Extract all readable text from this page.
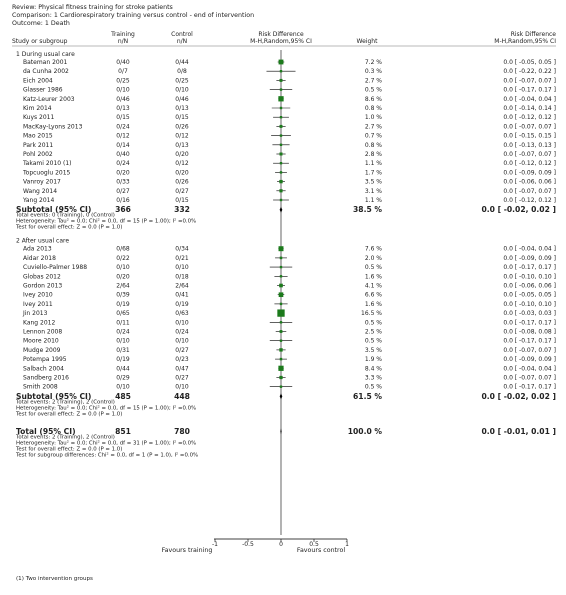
Review: Physical fitness training for stroke patients
Comparison: 1 Cardiorespiratory training versus control - end of intervention
Outcome: 1 Death
Study or subgroup
Training
n/N
Control
n/N
Risk Difference
M-H,Random,95% CI	Weight
Risk Difference
M-H,Random,95% CI
1 During usual care
Bateman 2001	0/40	0/44	7.2 %	0.0 [ -0.05, 0.05 ]
da Cunha 2002	0/7	0/8	0.3 %	0.0 [ -0.22, 0.22 ]
Eich 2004	0/25	0/25	2.7 %	0.0 [ -0.07, 0.07 ]
Glasser 1986	0/10	0/10	0.5 %	0.0 [ -0.17, 0.17 ]
Katz-Leurer 2003	0/46	0/46	8.6 %	0.0 [ -0.04, 0.04 ]
Kim 2014	0/13	0/13	0.8 %	0.0 [ -0.14, 0.14 ]
Kuys 2011	0/15	0/15	1.0 %	0.0 [ -0.12, 0.12 ]
MacKay-Lyons 2013	0/24	0/26	2.7 %	0.0 [ -0.07, 0.07 ]
Mao 2015	0/12	0/12	0.7 %	0.0 [ -0.15, 0.15 ]
Park 2011	0/14	0/13	0.8 %	0.0 [ -0.13, 0.13 ]
Pohl 2002	0/40	0/20	2.8 %	0.0 [ -0.07, 0.07 ]
Takami 2010 (1)	0/24	0/12	1.1 %	0.0 [ -0.12, 0.12 ]
Topcuoglu 2015	0/20	0/20	1.7 %	0.0 [ -0.09, 0.09 ]
Vanroy 2017	0/33	0/26	3.5 %	0.0 [ -0.06, 0.06 ]
Wang 2014	0/27	0/27	3.1 %	0.0 [ -0.07, 0.07 ]
Yang 2014	0/16	0/15	1.1 %	0.0 [ -0.12, 0.12 ]
Subtotal (95% CI)	366	332	38.5 %	0.0 [ -0.02, 0.02 ]
Total events: 0 (Training), 0 (Control)
Heterogeneity: Tau² = 0.0; Chi² = 0.0, df = 15 (P = 1.00); I² =0.0%
Test for overall effect: Z = 0.0 (P = 1.0)
2 After usual care
Ada 2013	0/68	0/34	7.6 %	0.0 [ -0.04, 0.04 ]
Aidar 2018	0/22	0/21	2.0 %	0.0 [ -0.09, 0.09 ]
Cuviello-Palmer 1988	0/10	0/10	0.5 %	0.0 [ -0.17, 0.17 ]
Globas 2012	0/20	0/18	1.6 %	0.0 [ -0.10, 0.10 ]
Gordon 2013	2/64	2/64	4.1 %	0.0 [ -0.06, 0.06 ]
Ivey 2010	0/39	0/41	6.6 %	0.0 [ -0.05, 0.05 ]
Ivey 2011	0/19	0/19	1.6 %	0.0 [ -0.10, 0.10 ]
Jin 2013	0/65	0/63	16.5 %	0.0 [ -0.03, 0.03 ]
Kang 2012	0/11	0/10	0.5 %	0.0 [ -0.17, 0.17 ]
Lennon 2008	0/24	0/24	2.5 %	0.0 [ -0.08, 0.08 ]
Moore 2010	0/10	0/10	0.5 %	0.0 [ -0.17, 0.17 ]
Mudge 2009	0/31	0/27	3.5 %	0.0 [ -0.07, 0.07 ]
Potempa 1995	0/19	0/23	1.9 %	0.0 [ -0.09, 0.09 ]
Salbach 2004	0/44	0/47	8.4 %	0.0 [ -0.04, 0.04 ]
Sandberg 2016	0/29	0/27	3.3 %	0.0 [ -0.07, 0.07 ]
Smith 2008	0/10	0/10	0.5 %	0.0 [ -0.17, 0.17 ]
Subtotal (95% CI)	485	448	61.5 %	0.0 [ -0.02, 0.02 ]
Total events: 2 (Training), 2 (Control)
Heterogeneity: Tau² = 0.0; Chi² = 0.0, df = 15 (P = 1.00); I² =0.0%
Test for overall effect: Z = 0.0 (P = 1.0)
Total (95% CI)	851	780	100.0 %	0.0 [ -0.01, 0.01 ]
Total events: 2 (Training), 2 (Control)
Heterogeneity: Tau² = 0.0; Chi² = 0.0, df = 31 (P = 1.00); I² =0.0%
Test for overall effect: Z = 0.0 (P = 1.0)
Test for subgroup differences: Chi² = 0.0, df = 1 (P = 1.0), I² =0.0%
-1	-0.5	0	0.5	1
Favours training	Favours control
(1) Two intervention groups
